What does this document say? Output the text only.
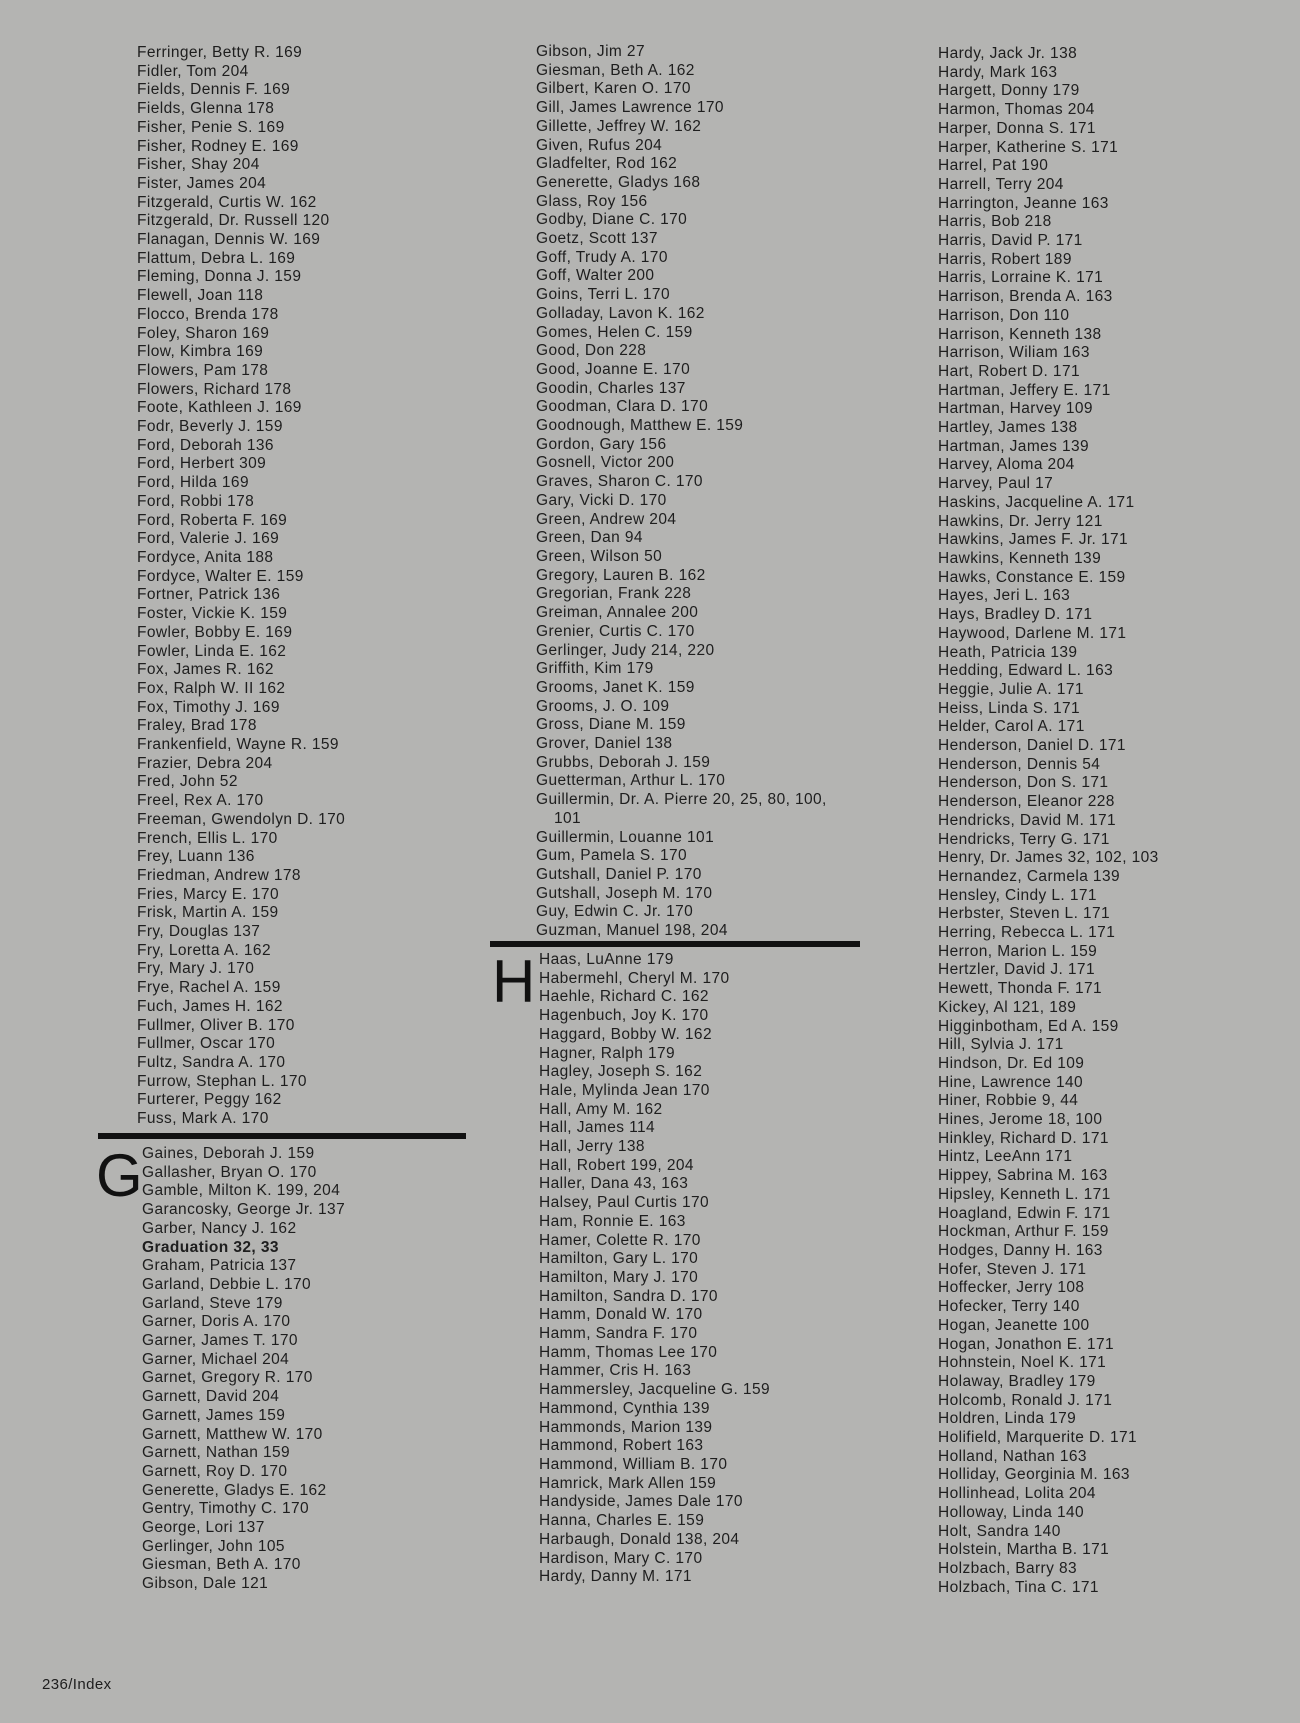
Ferringer, Betty R. 169
Fidler, Tom 204
Fields, Dennis F. 169
Fields, Glenna 178
Fisher, Penie S. 169
Fisher, Rodney E. 169
Fisher, Shay 204
Fister, James 204
Fitzgerald, Curtis W. 162
Fitzgerald, Dr. Russell 120
Flanagan, Dennis W. 169
Flattum, Debra L. 169
Fleming, Donna J. 159
Flewell, Joan 118
Flocco, Brenda 178
Foley, Sharon 169
Flow, Kimbra 169
Flowers, Pam 178
Flowers, Richard 178
Foote, Kathleen J. 169
Fodr, Beverly J. 159
Ford, Deborah 136
Ford, Herbert 309
Ford, Hilda 169
Ford, Robbi 178
Ford, Roberta F. 169
Ford, Valerie J. 169
Fordyce, Anita 188
Fordyce, Walter E. 159
Fortner, Patrick 136
Foster, Vickie K. 159
Fowler, Bobby E. 169
Fowler, Linda E. 162
Fox, James R. 162
Fox, Ralph W. II 162
Fox, Timothy J. 169
Fraley, Brad 178
Frankenfield, Wayne R. 159
Frazier, Debra 204
Fred, John 52
Freel, Rex A. 170
Freeman, Gwendolyn D. 170
French, Ellis L. 170
Frey, Luann 136
Friedman, Andrew 178
Fries, Marcy E. 170
Frisk, Martin A. 159
Fry, Douglas 137
Fry, Loretta A. 162
Fry, Mary J. 170
Frye, Rachel A. 159
Fuch, James H. 162
Fullmer, Oliver B. 170
Fullmer, Oscar 170
Fultz, Sandra A. 170
Furrow, Stephan L. 170
Furterer, Peggy 162
Fuss, Mark A. 170
G Gaines, Deborah J. 159
Gallasher, Bryan O. 170
Gamble, Milton K. 199, 204
Garancosky, George Jr. 137
Garber, Nancy J. 162
Graduation 32, 33
Graham, Patricia 137
Garland, Debbie L. 170
Garland, Steve 179
Garner, Doris A. 170
Garner, James T. 170
Garner, Michael 204
Garnet, Gregory R. 170
Garnett, David 204
Garnett, James 159
Garnett, Matthew W. 170
Garnett, Nathan 159
Garnett, Roy D. 170
Generette, Gladys E. 162
Gentry, Timothy C. 170
George, Lori 137
Gerlinger, John 105
Giesman, Beth A. 170
Gibson, Dale 121
Gibson, Jim 27
Giesman, Beth A. 162
Gilbert, Karen O. 170
Gill, James Lawrence 170
Gillette, Jeffrey W. 162
Given, Rufus 204
Gladfelter, Rod 162
Generette, Gladys 168
Glass, Roy 156
Godby, Diane C. 170
Goetz, Scott 137
Goff, Trudy A. 170
Goff, Walter 200
Goins, Terri L. 170
Golladay, Lavon K. 162
Gomes, Helen C. 159
Good, Don 228
Good, Joanne E. 170
Goodin, Charles 137
Goodman, Clara D. 170
Goodnough, Matthew E. 159
Gordon, Gary 156
Gosnell, Victor 200
Graves, Sharon C. 170
Gary, Vicki D. 170
Green, Andrew 204
Green, Dan 94
Green, Wilson 50
Gregory, Lauren B. 162
Gregorian, Frank 228
Greiman, Annalee 200
Grenier, Curtis C. 170
Gerlinger, Judy 214, 220
Griffith, Kim 179
Grooms, Janet K. 159
Grooms, J. O. 109
Gross, Diane M. 159
Grover, Daniel 138
Grubbs, Deborah J. 159
Guetterman, Arthur L. 170
Guillermin, Dr. A. Pierre 20, 25, 80, 100,
101
Guillermin, Louanne 101
Gum, Pamela S. 170
Gutshall, Daniel P. 170
Gutshall, Joseph M. 170
Guy, Edwin C. Jr. 170
Guzman, Manuel 198, 204
H Haas, LuAnne 179
Habermehl, Cheryl M. 170
Haehle, Richard C. 162
Hagenbuch, Joy K. 170
Haggard, Bobby W. 162
Hagner, Ralph 179
Hagley, Joseph S. 162
Hale, Mylinda Jean 170
Hall, Amy M. 162
Hall, James 114
Hall, Jerry 138
Hall, Robert 199, 204
Haller, Dana 43, 163
Halsey, Paul Curtis 170
Ham, Ronnie E. 163
Hamer, Colette R. 170
Hamilton, Gary L. 170
Hamilton, Mary J. 170
Hamilton, Sandra D. 170
Hamm, Donald W. 170
Hamm, Sandra F. 170
Hamm, Thomas Lee 170
Hammer, Cris H. 163
Hammersley, Jacqueline G. 159
Hammond, Cynthia 139
Hammonds, Marion 139
Hammond, Robert 163
Hammond, William B. 170
Hamrick, Mark Allen 159
Handyside, James Dale 170
Hanna, Charles E. 159
Harbaugh, Donald 138, 204
Hardison, Mary C. 170
Hardy, Danny M. 171
Hardy, Jack Jr. 138
Hardy, Mark 163
Hargett, Donny 179
Harmon, Thomas 204
Harper, Donna S. 171
Harper, Katherine S. 171
Harrel, Pat 190
Harrell, Terry 204
Harrington, Jeanne 163
Harris, Bob 218
Harris, David P. 171
Harris, Robert 189
Harris, Lorraine K. 171
Harrison, Brenda A. 163
Harrison, Don 110
Harrison, Kenneth 138
Harrison, Wiliam 163
Hart, Robert D. 171
Hartman, Jeffery E. 171
Hartman, Harvey 109
Hartley, James 138
Hartman, James 139
Harvey, Aloma 204
Harvey, Paul 17
Haskins, Jacqueline A. 171
Hawkins, Dr. Jerry 121
Hawkins, James F. Jr. 171
Hawkins, Kenneth 139
Hawks, Constance E. 159
Hayes, Jeri L. 163
Hays, Bradley D. 171
Haywood, Darlene M. 171
Heath, Patricia 139
Hedding, Edward L. 163
Heggie, Julie A. 171
Heiss, Linda S. 171
Helder, Carol A. 171
Henderson, Daniel D. 171
Henderson, Dennis 54
Henderson, Don S. 171
Henderson, Eleanor 228
Hendricks, David M. 171
Hendricks, Terry G. 171
Henry, Dr. James 32, 102, 103
Hernandez, Carmela 139
Hensley, Cindy L. 171
Herbster, Steven L. 171
Herring, Rebecca L. 171
Herron, Marion L. 159
Hertzler, David J. 171
Hewett, Thonda F. 171
Kickey, Al 121, 189
Higginbotham, Ed A. 159
Hill, Sylvia J. 171
Hindson, Dr. Ed 109
Hine, Lawrence 140
Hiner, Robbie 9, 44
Hines, Jerome 18, 100
Hinkley, Richard D. 171
Hintz, LeeAnn 171
Hippey, Sabrina M. 163
Hipsley, Kenneth L. 171
Hoagland, Edwin F. 171
Hockman, Arthur F. 159
Hodges, Danny H. 163
Hofer, Steven J. 171
Hoffecker, Jerry 108
Hofecker, Terry 140
Hogan, Jeanette 100
Hogan, Jonathon E. 171
Hohnstein, Noel K. 171
Holaway, Bradley 179
Holcomb, Ronald J. 171
Holdren, Linda 179
Holifield, Marquerite D. 171
Holland, Nathan 163
Holliday, Georginia M. 163
Hollinhead, Lolita 204
Holloway, Linda 140
Holt, Sandra 140
Holstein, Martha B. 171
Holzbach, Barry 83
Holzbach, Tina C. 171
236/Index
